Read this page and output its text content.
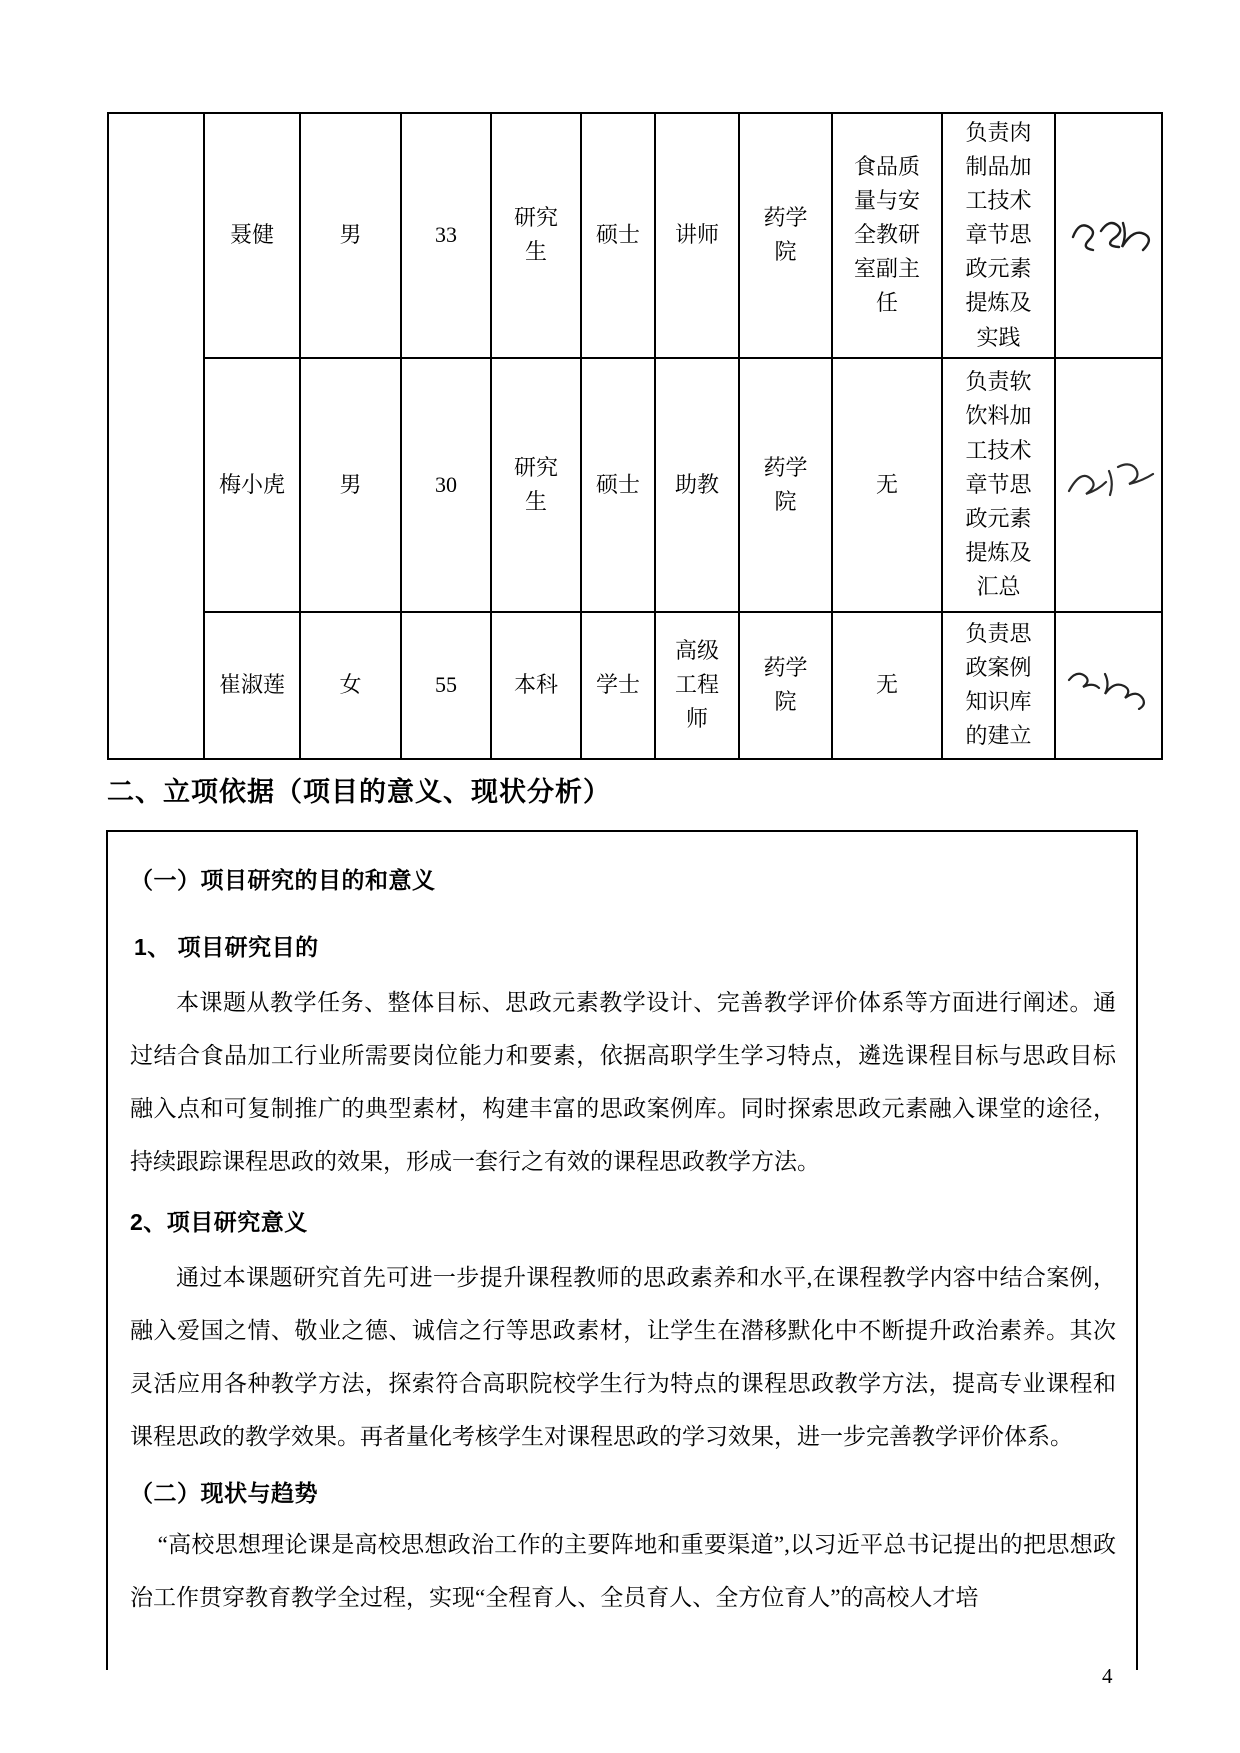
	聂健	男	33	研究生	硕士	讲师	药学院	食品质量与安全教研室副主任	负责肉制品加工技术章节思政元素提炼及实践	

	梅小虎	男	30	研究生	硕士	助教	药学院	无	负责软饮料加工技术章节思政元素提炼及汇总	

	崔淑莲	女	55	本科	学士	高级工程师	药学院	无	负责思政案例知识库的建立	
二、立项依据（项目的意义、现状分析）
（一）项目研究的目的和意义
1、 项目研究目的

本课题从教学任务、整体目标、思政元素教学设计、完善教学评价体系等方面进行阐述。通过结合食品加工行业所需要岗位能力和要素，依据高职学生学习特点，遴选课程目标与思政目标融入点和可复制推广的典型素材，构建丰富的思政案例库。同时探索思政元素融入课堂的途径，持续跟踪课程思政的效果，形成一套行之有效的课程思政教学方法。

2、项目研究意义

通过本课题研究首先可进一步提升课程教师的思政素养和水平,在课程教学内容中结合案例，融入爱国之情、敬业之德、诚信之行等思政素材，让学生在潜移默化中不断提升政治素养。其次灵活应用各种教学方法，探索符合高职院校学生行为特点的课程思政教学方法，提高专业课程和课程思政的教学效果。再者量化考核学生对课程思政的学习效果，进一步完善教学评价体系。

（二）现状与趋势

“高校思想理论课是高校思想政治工作的主要阵地和重要渠道”,以习近平总书记提出的把思想政治工作贯穿教育教学全过程，实现“全程育人、全员育人、全方位育人”的高校人才培

4
